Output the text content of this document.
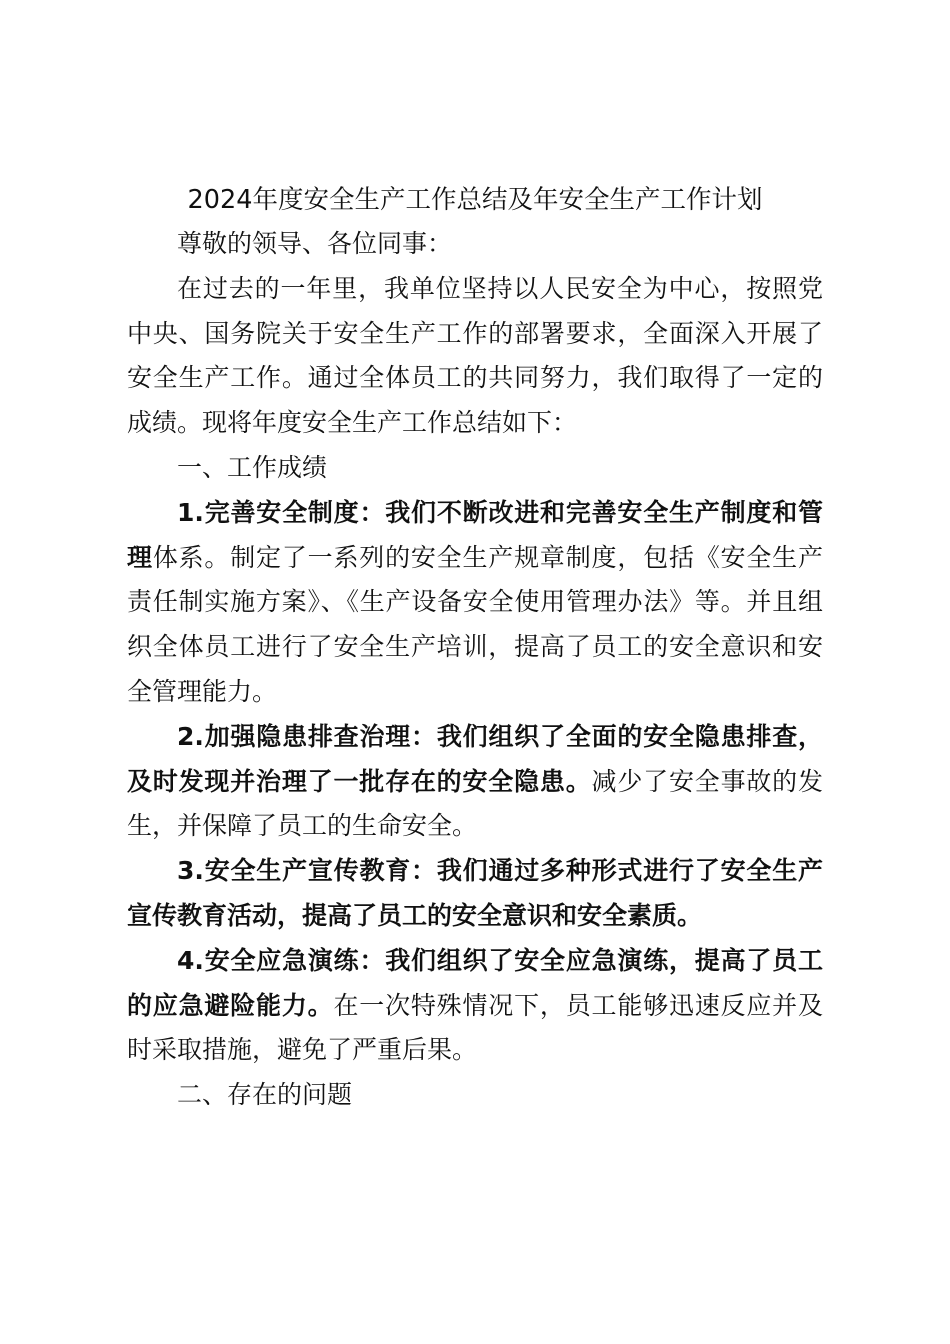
2024年度安全生产工作总结及年安全生产工作计划

尊敬的领导、各位同事：

在过去的一年里，我单位坚持以人民安全为中心，按照党中央、国务院关于安全生产工作的部署要求，全面深入开展了安全生产工作。通过全体员工的共同努力，我们取得了一定的成绩。现将年度安全生产工作总结如下：

一、工作成绩

1.完善安全制度：我们不断改进和完善安全生产制度和管理体系。制定了一系列的安全生产规章制度，包括《安全生产责任制实施方案》、《生产设备安全使用管理办法》等。并且组织全体员工进行了安全生产培训，提高了员工的安全意识和安全管理能力。

2.加强隐患排查治理：我们组织了全面的安全隐患排查，及时发现并治理了一批存在的安全隐患。减少了安全事故的发生，并保障了员工的生命安全。

3.安全生产宣传教育：我们通过多种形式进行了安全生产宣传教育活动，提高了员工的安全意识和安全素质。

4.安全应急演练：我们组织了安全应急演练，提高了员工的应急避险能力。在一次特殊情况下，员工能够迅速反应并及时采取措施，避免了严重后果。

二、存在的问题
